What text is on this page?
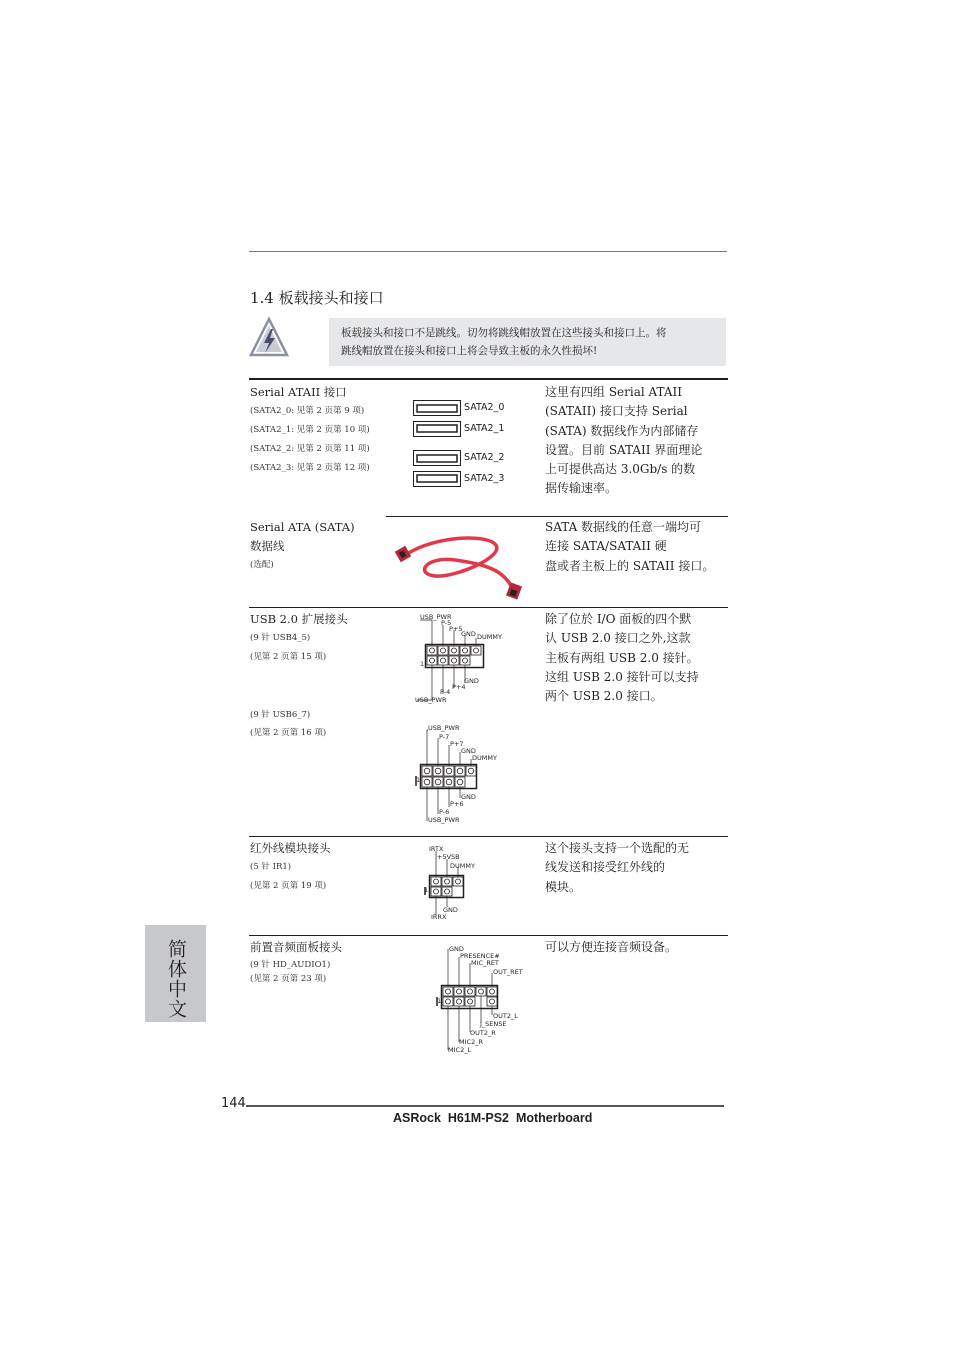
1.4 板载接头和接口
板载接头和接口不是跳线。切勿将跳线帽放置在这些接头和接口上。将
跳线帽放置在接头和接口上将会导致主板的永久性损坏!
Serial ATAII 接口
(SATA2_0: 见第 2 页第 9 项)
(SATA2_1: 见第 2 页第 10 项)
(SATA2_2: 见第 2 页第 11 项)
(SATA2_3: 见第 2 页第 12 项)
SATA2_0
SATA2_1
SATA2_2
SATA2_3
这里有四组 Serial ATAII
(SATAII) 接口支持 Serial
(SATA) 数据线作为内部储存
设置。目前 SATAII 界面理论
上可提供高达 3.0Gb/s 的数
据传输速率。
Serial ATA (SATA)
数据线
(选配)
SATA 数据线的任意一端均可
连接 SATA/SATAII 硬
盘或者主板上的 SATAII 接口。
USB 2.0 扩展接头
(9 针 USB4_5)
(见第 2 页第 15 项)
(9 针 USB6_7)
(见第 2 页第 16 项)
USB_PWR
P-5
P+5
GND DUMMY
1
GND
P+4
P-4
USB_PWR
USB_PWR
P-7
P+7
GND
DUMMY
1
GND
P+6
P-6
USB_PWR
除了位於 I/O 面板的四个默
认 USB 2.0 接口之外,这款
主板有两组 USB 2.0 接针。
这组 USB 2.0 接针可以支持
两个 USB 2.0 接口。
红外线模块接头
(5 针 IR1)
(见第 2 页第 19 项)
IRTX
+5VSB
DUMMY
1
GND
IRRX
这个接头支持一个选配的无
线发送和接受红外线的
模块。
前置音频面板接头
(9 针 HD_AUDIO1)
(见第 2 页第 23 项)
GND
PRESENCE#
MIC_RET
OUT_RET
1
OUT2_L
J_SENSE
OUT2_R
MIC2_R
MIC2_L
可以方便连接音频设备。
简体中文
144
ASRock  H61M-PS2  Motherboard
